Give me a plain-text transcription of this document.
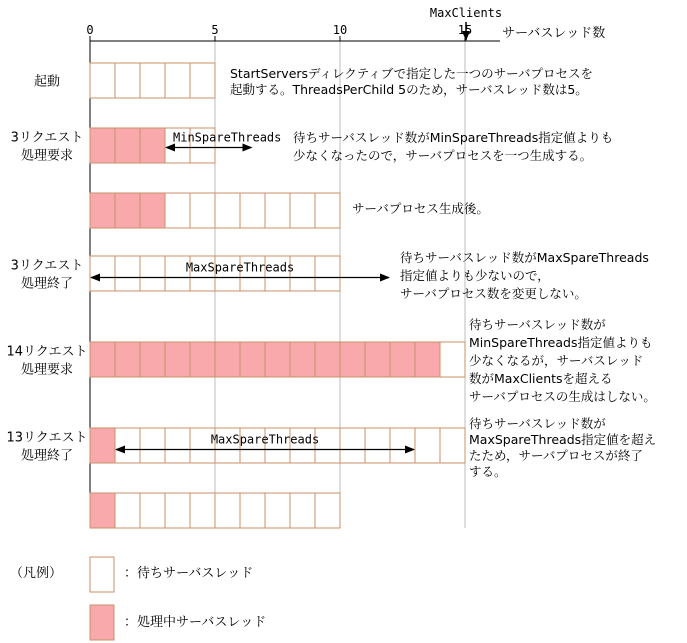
サーバスレッド数
MaxClients
0	5	10	15
起動
StartServersディレクティブで指定した一つのサーバプロセスを
起動する。ThreadsPerChild 5のため，サーバスレッド数は5。
3リクエスト
処理要求
MinSpareThreads 待ちサーバスレッド数がMinSpareThreads指定値よりも
少なくなったので，サーバプロセスを一つ生成する。
サーバプロセス生成後。
3リクエスト
処理終了
MaxSpareThreads
待ちサーバスレッド数がMaxSpareThreads
指定値よりも少ないので，
サーバプロセス数を変更しない。
14リクエスト
処理要求
待ちサーバスレッド数が
MinSpareThreads指定値よりも
少なくなるが，サーバスレッド
数がMaxClientsを超える
サーバプロセスの生成はしない。
13リクエスト
処理終了
MaxSpareThreads
待ちサーバスレッド数が
MaxSpareThreads指定値を超え
たため，サーバプロセスが終了
する。
（凡例）	：待ちサーバスレッド
：処理中サーバスレッド
